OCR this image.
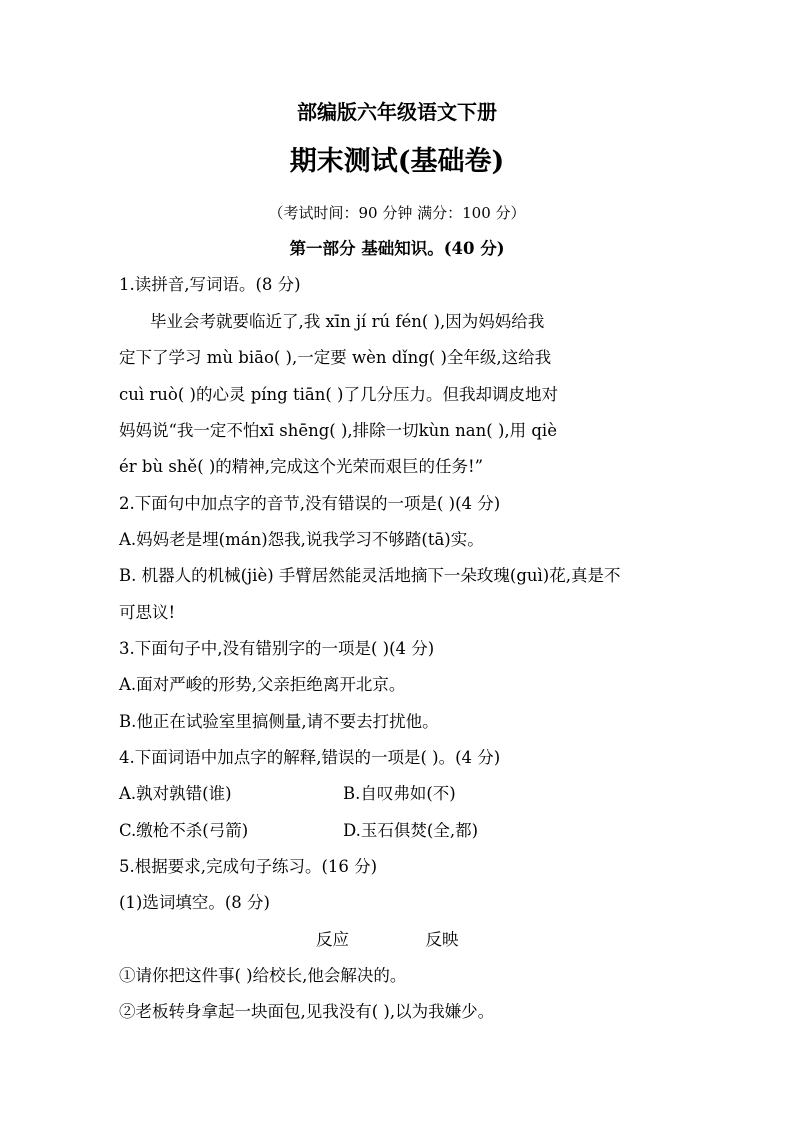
部编版六年级语文下册
期末测试(基础卷)
（考试时间：90 分钟 满分：100 分）
第一部分 基础知识。(40 分)
1.读拼音,写词语。(8 分)
毕业会考就要临近了,我 xīn jí rú fén( ),因为妈妈给我
定下了学习 mù biāo( ),一定要 wèn dǐng( )全年级,这给我
cuì ruò( )的心灵 píng tiān( )了几分压力。但我却调皮地对
妈妈说“我一定不怕xī shēng( ),排除一切kùn nan( ),用 qiè
ér bù shě( )的精神,完成这个光荣而艰巨的任务!”
2.下面句中加点字的音节,没有错误的一项是( )(4 分)
A.妈妈老是埋(mán)怨我,说我学习不够踏(tā)实。
B. 机器人的机械(jiè) 手臂居然能灵活地摘下一朵玫瑰(guì)花,真是不
可思议!
3.下面句子中,没有错别字的一项是( )(4 分)
A.面对严峻的形势,父亲拒绝离开北京。
B.他正在试验室里搞侧量,请不要去打扰他。
4.下面词语中加点字的解释,错误的一项是( )。(4 分)
A.孰对孰错(谁)	B.自叹弗如(不)
C.缴枪不杀(弓箭)	D.玉石俱焚(全,都)
5.根据要求,完成句子练习。(16 分)
(1)选词填空。(8 分)
反应	反映
①请你把这件事( )给校长,他会解决的。
②老板转身拿起一块面包,见我没有( ),以为我嫌少。
